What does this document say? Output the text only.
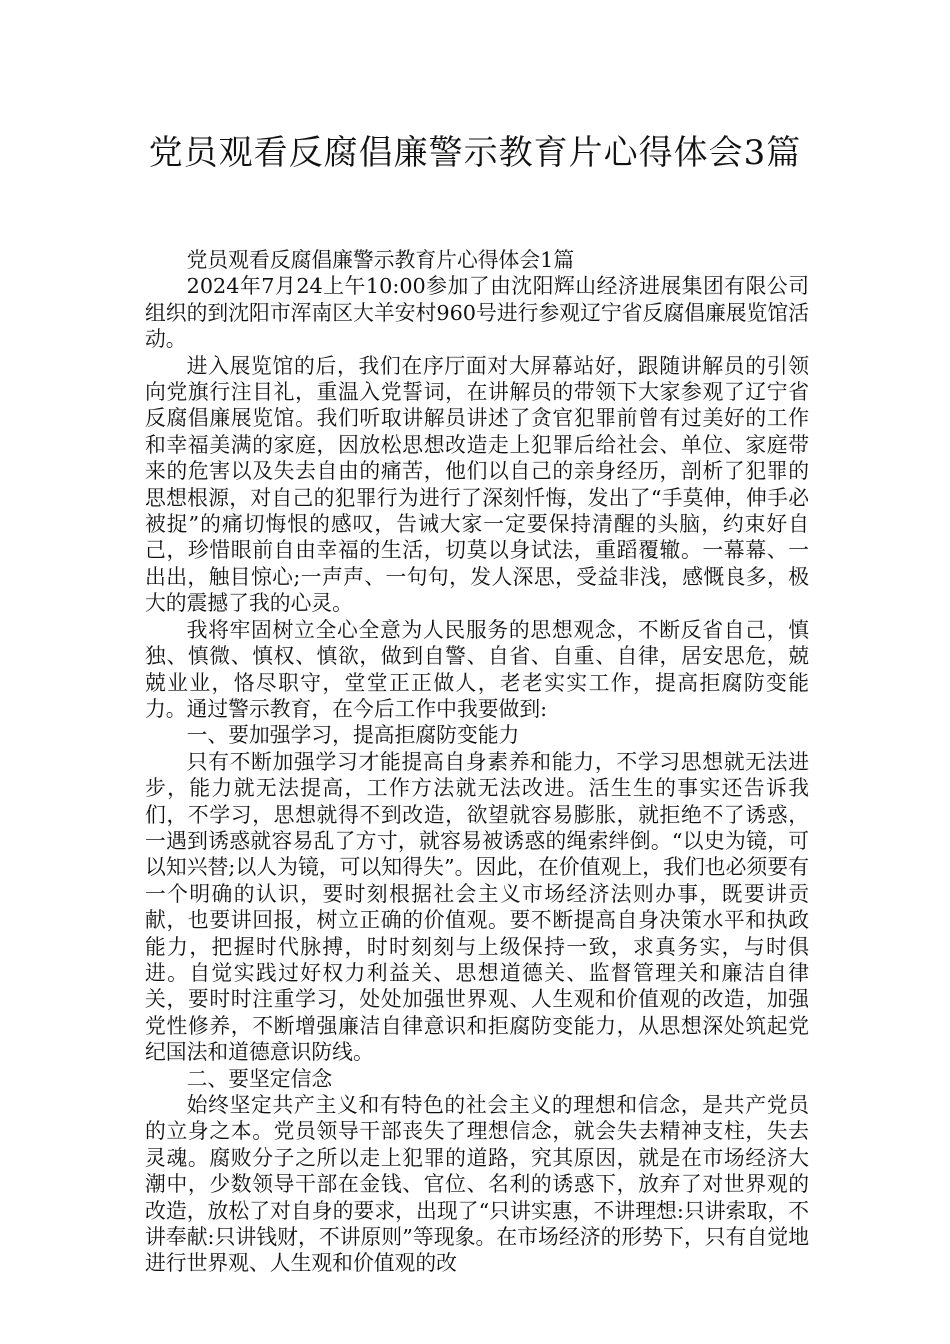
党员观看反腐倡廉警示教育片心得体会3篇

党员观看反腐倡廉警示教育片心得体会1篇

2024年7月24上午10:00参加了由沈阳辉山经济进展集团有限公司组织的到沈阳市浑南区大羊安村960号进行参观辽宁省反腐倡廉展览馆活动。

进入展览馆的后，我们在序厅面对大屏幕站好，跟随讲解员的引领向党旗行注目礼，重温入党誓词，在讲解员的带领下大家参观了辽宁省反腐倡廉展览馆。我们听取讲解员讲述了贪官犯罪前曾有过美好的工作和幸福美满的家庭，因放松思想改造走上犯罪后给社会、单位、家庭带来的危害以及失去自由的痛苦，他们以自己的亲身经历，剖析了犯罪的思想根源，对自己的犯罪行为进行了深刻忏悔，发出了“手莫伸，伸手必被捉”的痛切悔恨的感叹，告诫大家一定要保持清醒的头脑，约束好自己，珍惜眼前自由幸福的生活，切莫以身试法，重蹈覆辙。一幕幕、一出出，触目惊心;一声声、一句句，发人深思，受益非浅，感慨良多，极大的震撼了我的心灵。

我将牢固树立全心全意为人民服务的思想观念，不断反省自己，慎独、慎微、慎权、慎欲，做到自警、自省、自重、自律，居安思危，兢兢业业，恪尽职守，堂堂正正做人，老老实实工作，提高拒腐防变能力。通过警示教育，在今后工作中我要做到:

一、要加强学习，提高拒腐防变能力

只有不断加强学习才能提高自身素养和能力，不学习思想就无法进步，能力就无法提高，工作方法就无法改进。活生生的事实还告诉我们，不学习，思想就得不到改造，欲望就容易膨胀，就拒绝不了诱惑，一遇到诱惑就容易乱了方寸，就容易被诱惑的绳索绊倒。“以史为镜，可以知兴替;以人为镜，可以知得失”。因此，在价值观上，我们也必须要有一个明确的认识，要时刻根据社会主义市场经济法则办事，既要讲贡献，也要讲回报，树立正确的价值观。要不断提高自身决策水平和执政能力，把握时代脉搏，时时刻刻与上级保持一致，求真务实，与时俱进。自觉实践过好权力利益关、思想道德关、监督管理关和廉洁自律关，要时时注重学习，处处加强世界观、人生观和价值观的改造，加强党性修养，不断增强廉洁自律意识和拒腐防变能力，从思想深处筑起党纪国法和道德意识防线。

二、要坚定信念

始终坚定共产主义和有特色的社会主义的理想和信念，是共产党员的立身之本。党员领导干部丧失了理想信念，就会失去精神支柱，失去灵魂。腐败分子之所以走上犯罪的道路，究其原因，就是在市场经济大潮中，少数领导干部在金钱、官位、名利的诱惑下，放弃了对世界观的改造，放松了对自身的要求，出现了“只讲实惠，不讲理想:只讲索取，不讲奉献:只讲钱财，不讲原则”等现象。在市场经济的形势下，只有自觉地进行世界观、人生观和价值观的改
